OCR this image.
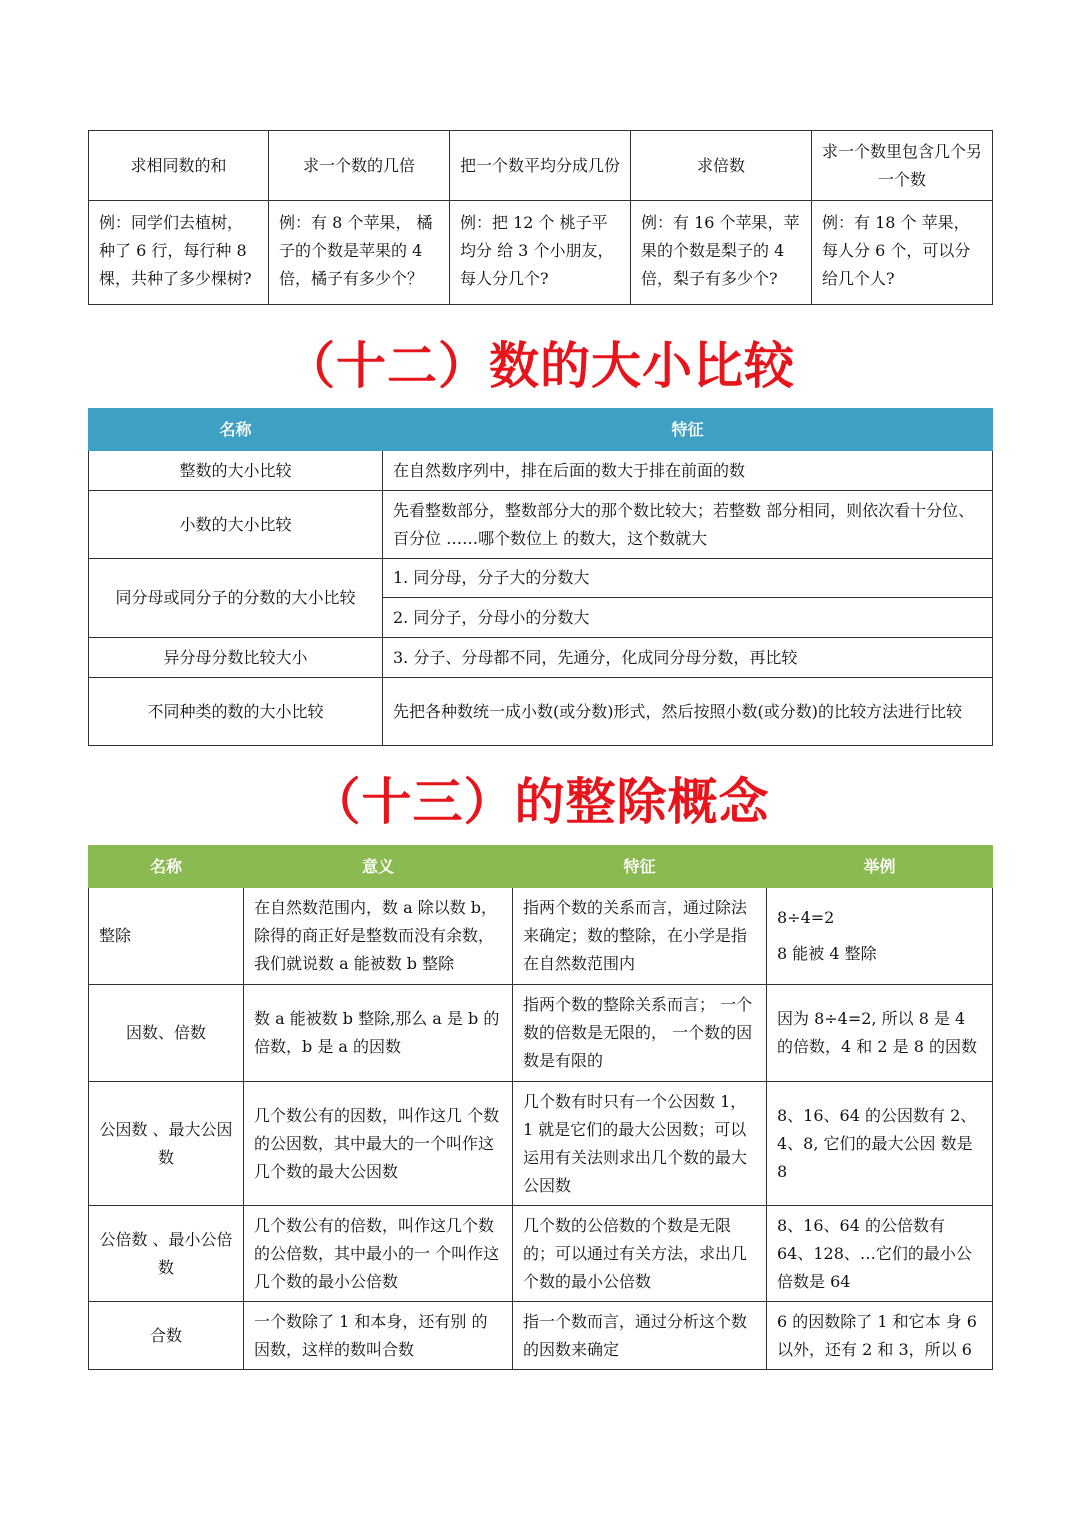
求相同数的和	求一个数的几倍	把一个数平均分成几份	求倍数	求一个数里包含几个另一个数
例：同学们去植树，种了 6 行，每行种 8 棵，共种了多少棵树?	例：有 8 个苹果， 橘子的个数是苹果的 4 倍，橘子有多少个？	例：把 12 个 桃子平均分 给 3 个小朋友，每人分几个?	例：有 16 个苹果，苹果的个数是梨子的 4 倍，梨子有多少个?	例：有 18 个 苹果，每人分 6 个，可以分给几个人?
（十二）数的大小比较
名称	特征
整数的大小比较	在自然数序列中，排在后面的数大于排在前面的数
小数的大小比较	先看整数部分，整数部分大的那个数比较大；若整数 部分相同，则依次看十分位、百分位 ……哪个数位上 的数大，这个数就大
同分母或同分子的分数的大小比较	1. 同分母，分子大的分数大
	2. 同分子，分母小的分数大
异分母分数比较大小	3. 分子、分母都不同，先通分，化成同分母分数，再比较
不同种类的数的大小比较	先把各种数统一成小数(或分数)形式，然后按照小数(或分数)的比较方法进行比较
（十三）的整除概念
名称	意义	特征	举例
整除	在自然数范围内，数 a 除以数 b，除得的商正好是整数而没有余数，我们就说数 a 能被数 b 整除	指两个数的关系而言，通过除法 来确定；数的整除，在小学是指 在自然数范围内	8÷4=2
8 能被 4 整除

因数、倍数	数 a 能被数 b 整除,那么 a 是 b 的倍数，b 是 a 的因数	指两个数的整除关系而言； 一个 数的倍数是无限的， 一个数的因 数是有限的	因为 8÷4=2, 所以 8 是 4 的倍数，4 和 2 是 8 的因数
公因数 、最大公因数	几个数公有的因数，叫作这几 个数的公因数，其中最大的一个叫作这几个数的最大公因数	几个数有时只有一个公因数 1，1 就是它们的最大公因数；可以运用有关法则求出几个数的最大公因数	8、16、64 的公因数有 2、4、8, 它们的最大公因 数是 8
公倍数 、最小公倍数	几个数公有的倍数，叫作这几个数的公倍数，其中最小的一 个叫作这几个数的最小公倍数	几个数的公倍数的个数是无限的；可以通过有关方法，求出几个数的最小公倍数	8、16、64 的公倍数有 64、128、…它们的最小公倍数是 64
合数	一个数除了 1 和本身，还有别 的因数，这样的数叫合数	指一个数而言，通过分析这个数 的因数来确定	6 的因数除了 1 和它本 身 6 以外，还有 2 和 3，所以 6
